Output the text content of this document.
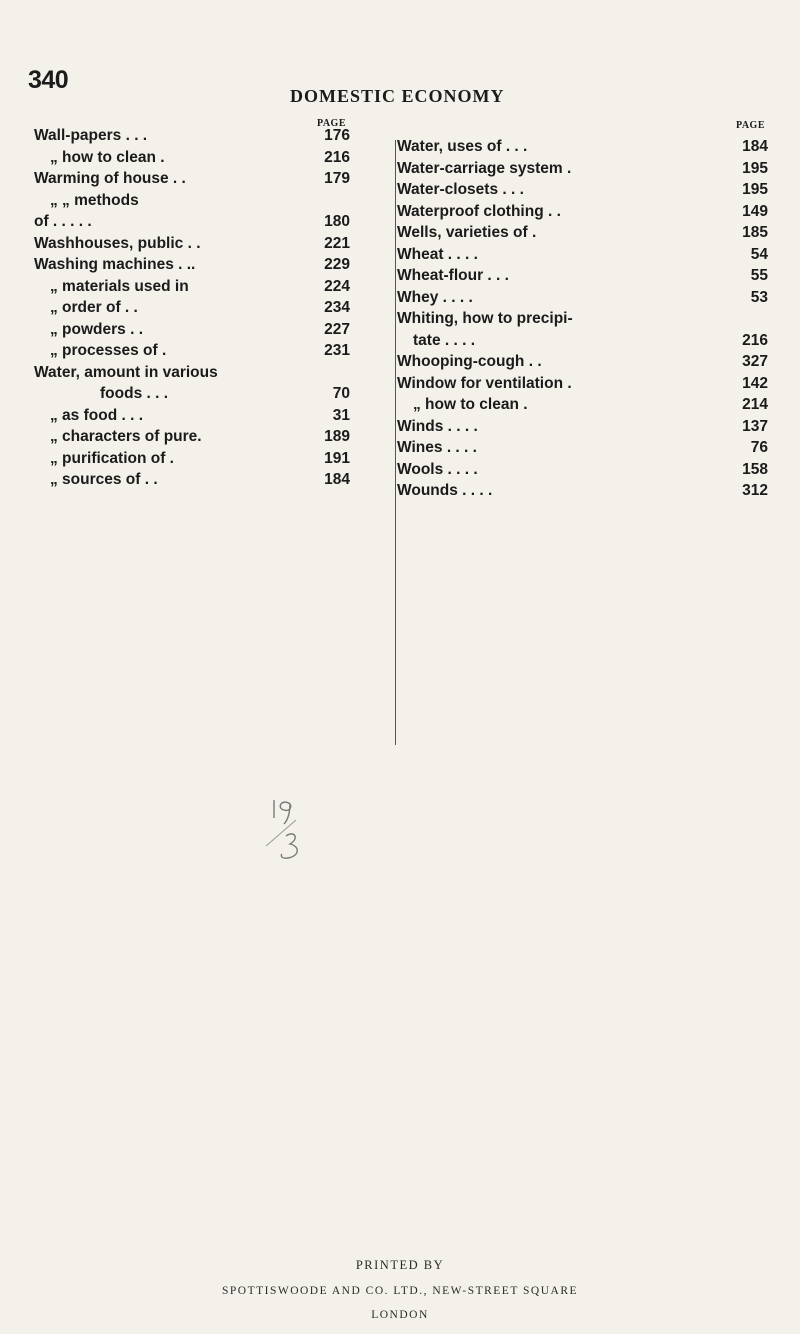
340
DOMESTIC ECONOMY
PAGE
Wall-papers . . .	176
„ how to clean .	216
Warming of house . .	179
„ „ methods
of . . . . .	180
Washhouses, public . .	221
Washing machines . ..	229
„ materials used in	224
„ order of . .	234
„ powders . .	227
„ processes of .	231
Water, amount in various
foods . . .	70
„ as food . . .	31
„ characters of pure.	189
„ purification of .	191
„ sources of . .	184
PAGE
Water, uses of . . .	184
Water-carriage system .	195
Water-closets . . .	195
Waterproof clothing . .	149
Wells, varieties of .	185
Wheat . . . .	54
Wheat-flour . . .	55
Whey . . . .	53
Whiting, how to precipi-
tate . . . .	216
Whooping-cough . .	327
Window for ventilation .	142
„ how to clean .	214
Winds . . . .	137
Wines . . . .	76
Wools . . . .	158
Wounds . . . .	312
PRINTED BY
SPOTTISWOODE AND CO. LTD., NEW-STREET SQUARE
LONDON
